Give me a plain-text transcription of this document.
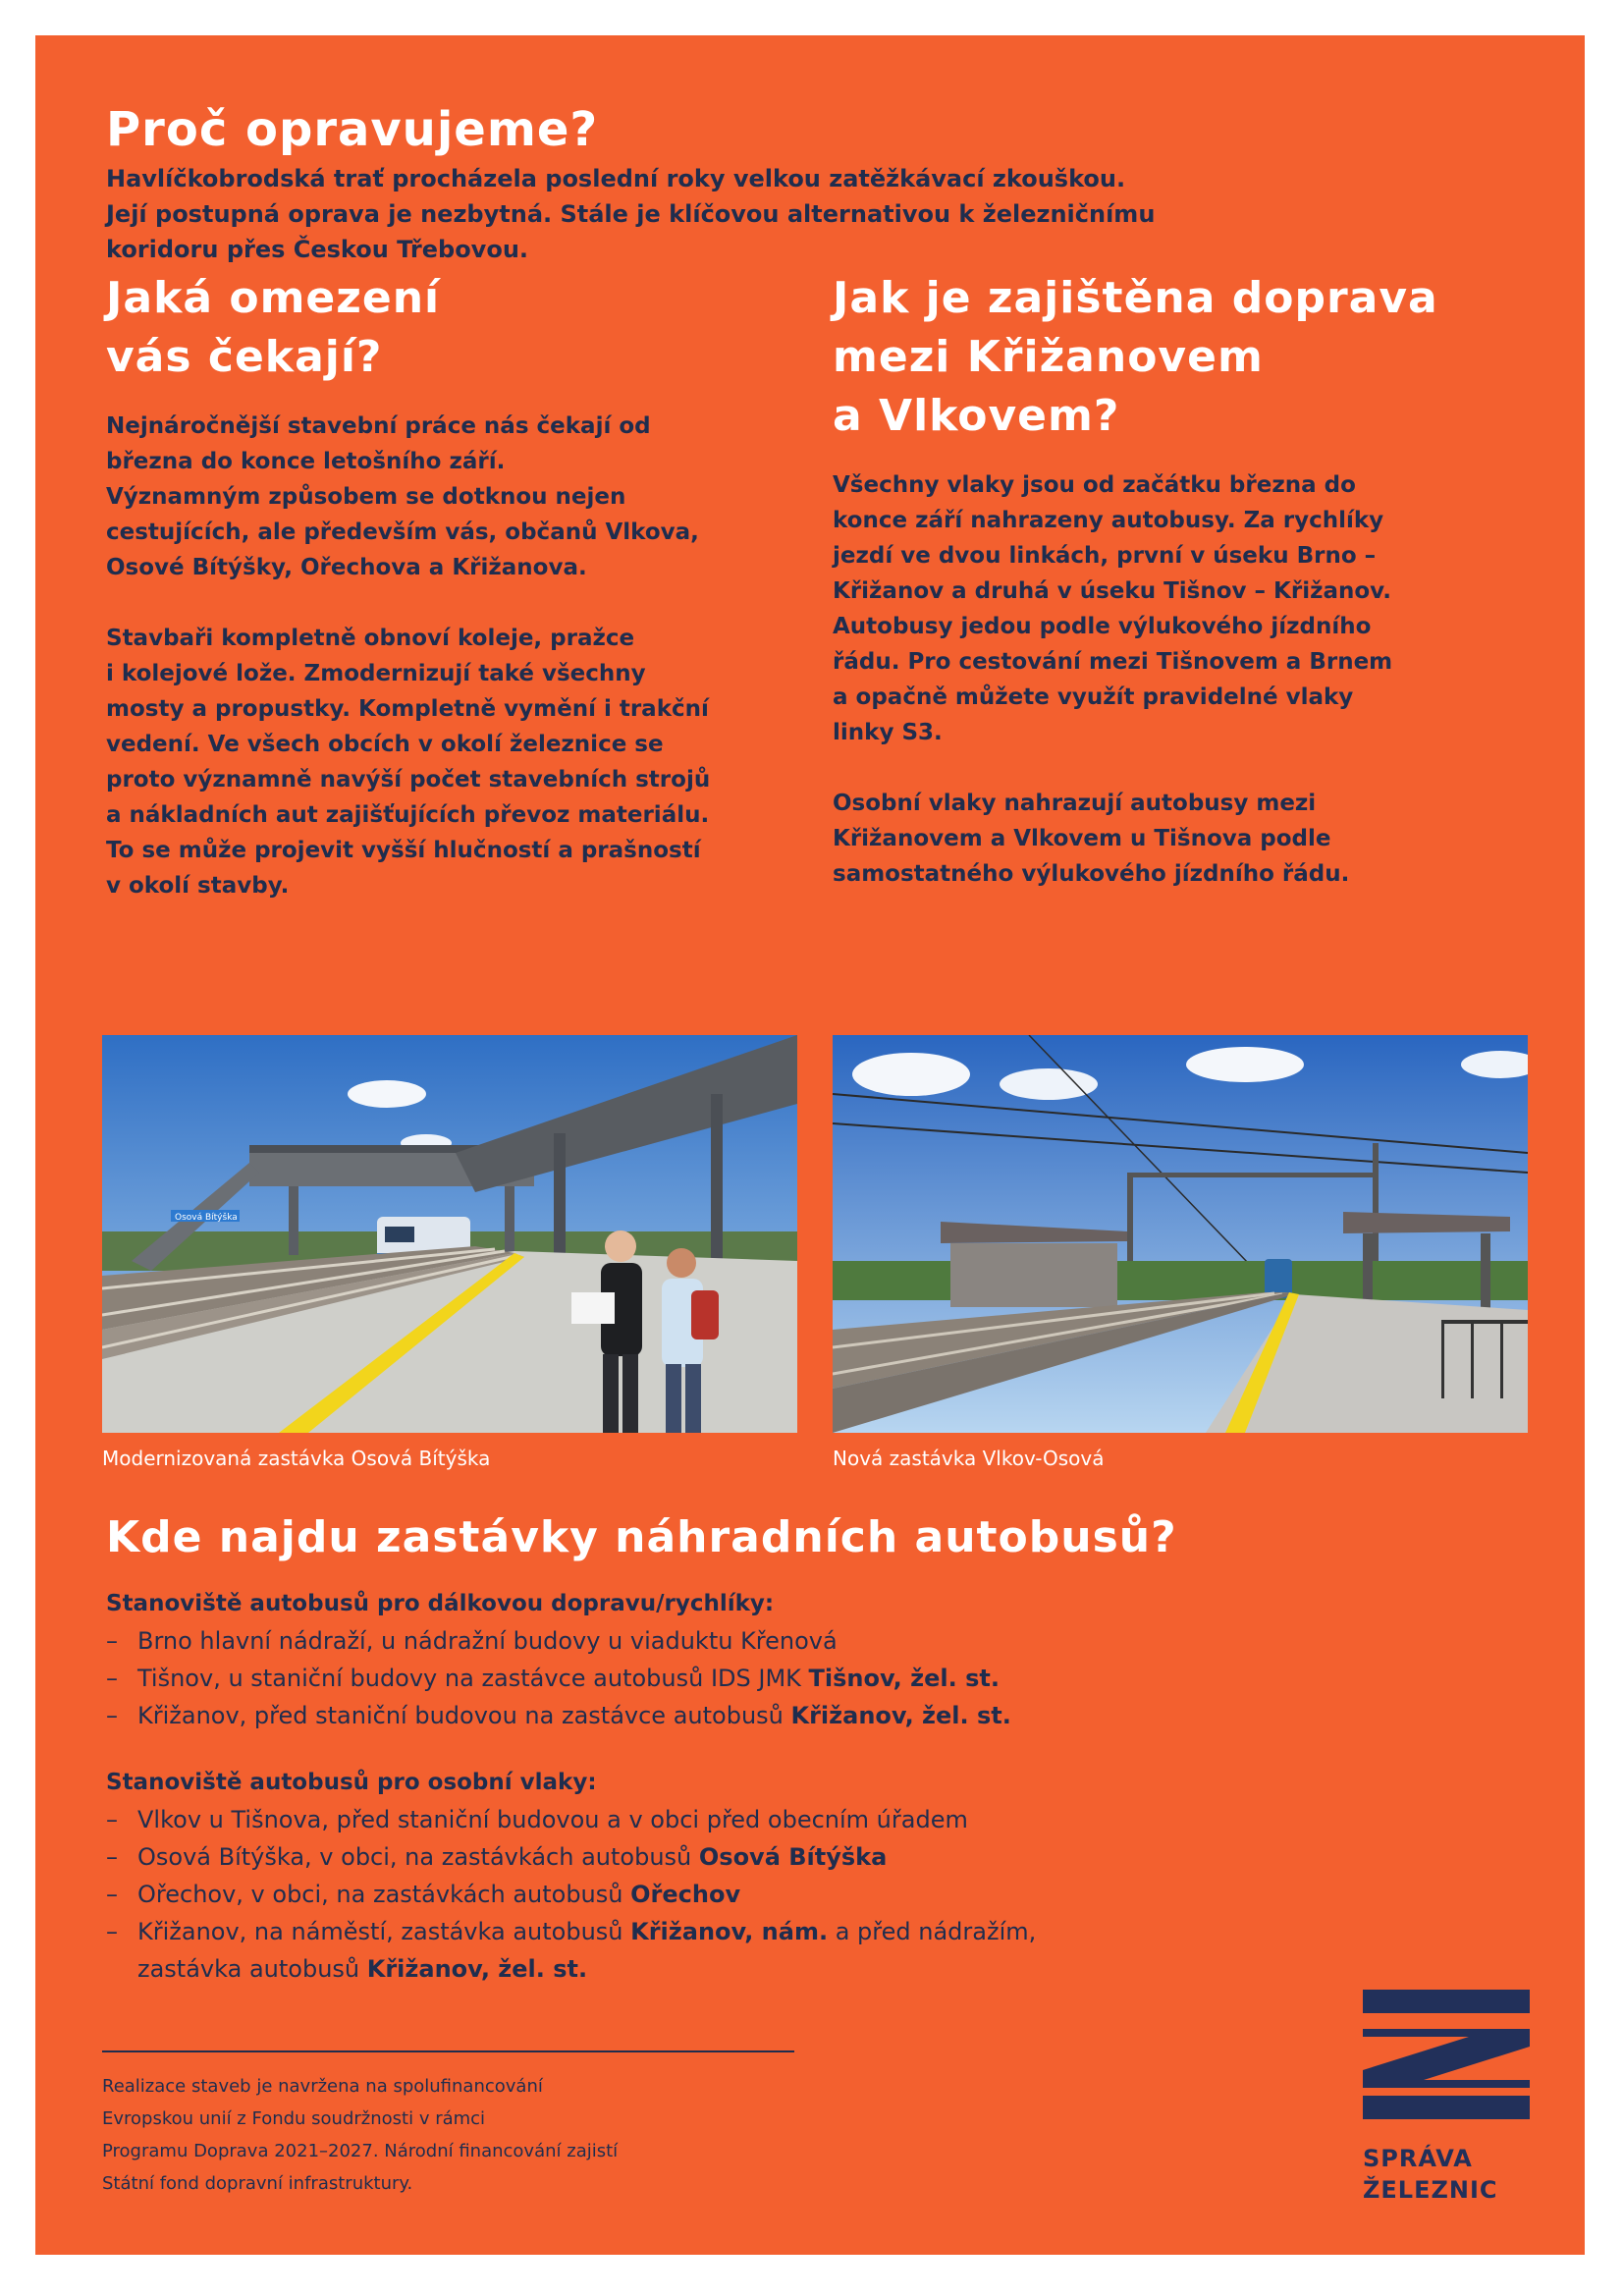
Proč opravujeme?
Havlíčkobrodská trať procházela poslední roky velkou zatěžkávací zkouškou.
Její postupná oprava je nezbytná. Stále je klíčovou alternativou k železničnímu
koridoru přes Českou Třebovou.
Jaká omezení
vás čekají?
Nejnáročnější stavební práce nás čekají od
března do konce letošního září.
Významným způsobem se dotknou nejen
cestujících, ale především vás, občanů Vlkova,
Osové Bítýšky, Ořechova a Křižanova.
Stavbaři kompletně obnoví koleje, pražce
i kolejové lože. Zmodernizují také všechny
mosty a propustky. Kompletně vymění i trakční
vedení. Ve všech obcích v okolí železnice se
proto významně navýší počet stavebních strojů
a nákladních aut zajišťujících převoz materiálu.
To se může projevit vyšší hlučností a prašností
v okolí stavby.
Jak je zajištěna doprava
mezi Křižanovem
a Vlkovem?
Všechny vlaky jsou od začátku března do
konce září nahrazeny autobusy. Za rychlíky
jezdí ve dvou linkách, první v úseku Brno –
Křižanov a druhá v úseku Tišnov – Křižanov.
Autobusy jedou podle výlukového jízdního
řádu. Pro cestování mezi Tišnovem a Brnem
a opačně můžete využít pravidelné vlaky
linky S3.
Osobní vlaky nahrazují autobusy mezi
Křižanovem a Vlkovem u Tišnova podle
samostatného výlukového jízdního řádu.
Osová Bítýška
Modernizovaná zastávka Osová Bítýška	Nová zastávka Vlkov-Osová
Kde najdu zastávky náhradních autobusů?

Stanoviště autobusů pro dálkovou dopravu/rychlíky:

– Brno hlavní nádraží, u nádražní budovy u viaduktu Křenová
– Tišnov, u staniční budovy na zastávce autobusů IDS JMK Tišnov, žel. st.
– Křižanov, před staniční budovou na zastávce autobusů Křižanov, žel. st.

Stanoviště autobusů pro osobní vlaky:

– Vlkov u Tišnova, před staniční budovou a v obci před obecním úřadem
– Osová Bítýška, v obci, na zastávkách autobusů Osová Bítýška
– Ořechov, v obci, na zastávkách autobusů Ořechov
– Křižanov, na náměstí, zastávka autobusů Křižanov, nám. a před nádražím,
zastávka autobusů Křižanov, žel. st.
Realizace staveb je navržena na spolufinancování
Evropskou unií z Fondu soudržnosti v rámci
Programu Doprava 2021–2027. Národní financování zajistí
Státní fond dopravní infrastruktury.
SPRÁVA
ŽELEZNIC
